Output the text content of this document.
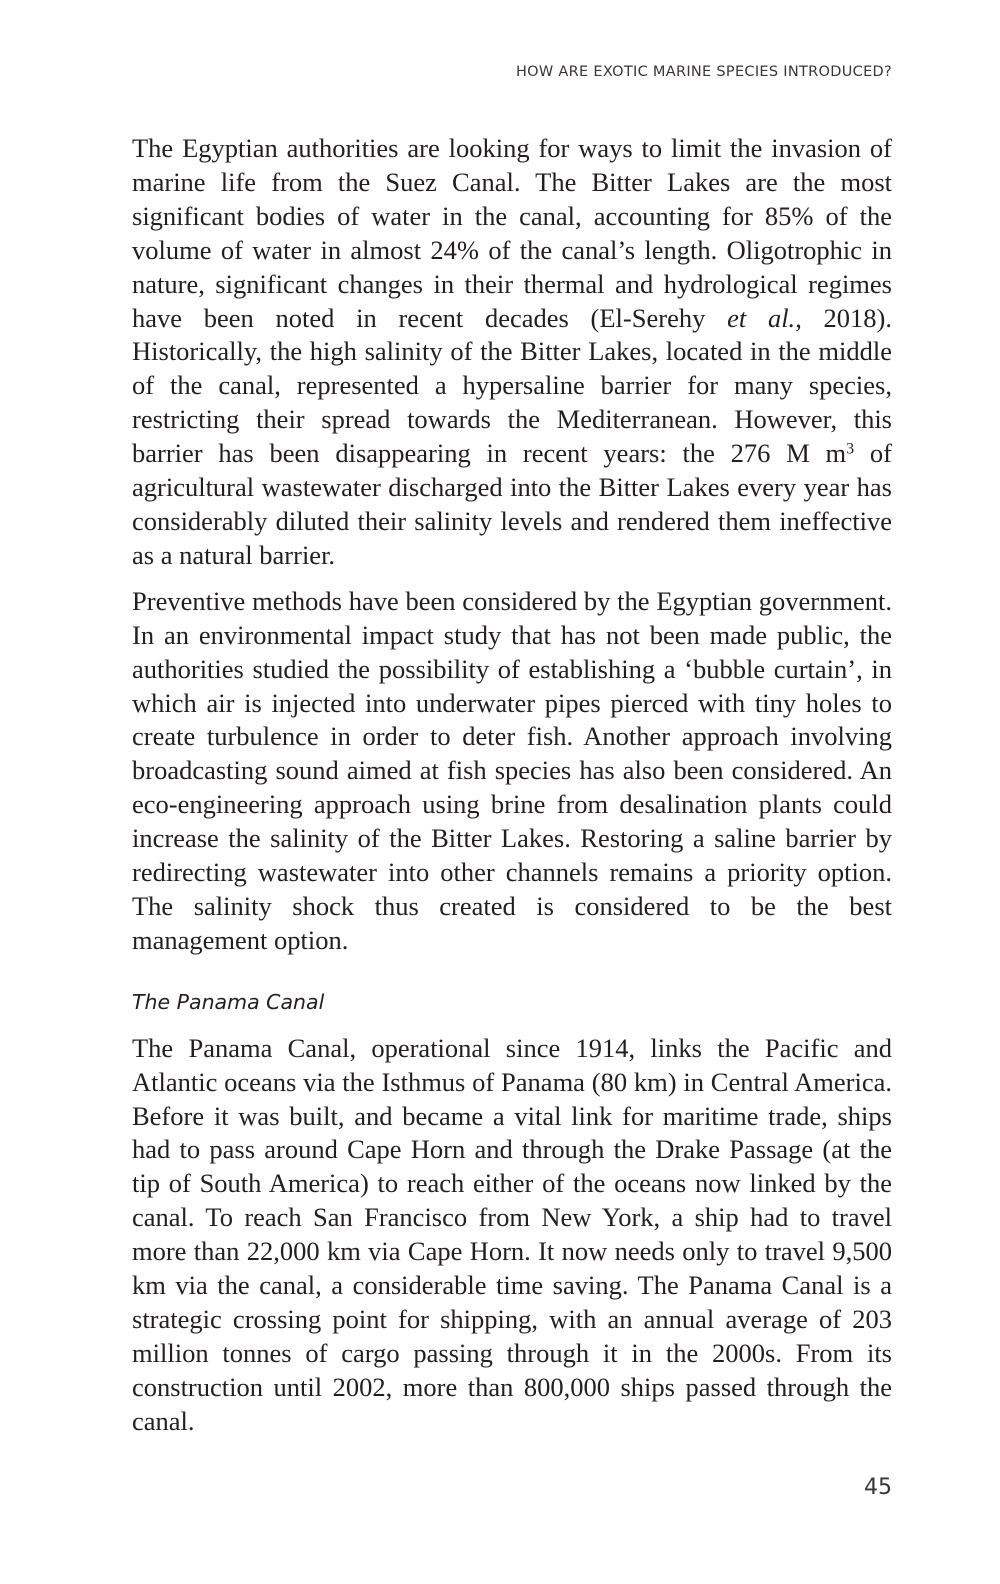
HOW ARE EXOTIC MARINE SPECIES INTRODUCED?

The Egyptian authorities are looking for ways to limit the invasion of marine life from the Suez Canal. The Bitter Lakes are the most significant bodies of water in the canal, accounting for 85% of the volume of water in almost 24% of the canal’s length. Oligotrophic in nature, significant changes in their thermal and hydrological regimes have been noted in recent decades (El-Serehy et al., 2018). Historically, the high salinity of the Bitter Lakes, located in the middle of the canal, represented a hypersaline barrier for many species, restricting their spread towards the Mediterranean. However, this barrier has been disappearing in recent years: the 276 M $m^3$ of agricultural wastewater discharged into the Bitter Lakes every year has considerably diluted their salinity levels and rendered them ineffective as a natural barrier.

Preventive methods have been considered by the Egyptian government. In an environmental impact study that has not been made public, the authorities studied the possibility of establishing a ‘bubble curtain’, in which air is injected into underwater pipes pierced with tiny holes to create turbulence in order to deter fish. Another approach involving broadcasting sound aimed at fish species has also been considered. An eco-engineering approach using brine from desalination plants could increase the salinity of the Bitter Lakes. Restoring a saline barrier by redirecting wastewater into other channels remains a priority option. The salinity shock thus created is considered to be the best management option.

The Panama Canal

The Panama Canal, operational since 1914, links the Pacific and Atlantic oceans via the Isthmus of Panama (80 km) in Central America. Before it was built, and became a vital link for maritime trade, ships had to pass around Cape Horn and through the Drake Passage (at the tip of South America) to reach either of the oceans now linked by the canal. To reach San Francisco from New York, a ship had to travel more than 22,000 km via Cape Horn. It now needs only to travel 9,500 km via the canal, a considerable time saving. The Panama Canal is a strategic crossing point for shipping, with an annual average of 203 million tonnes of cargo passing through it in the 2000s. From its construction until 2002, more than 800,000 ships passed through the canal.

45
